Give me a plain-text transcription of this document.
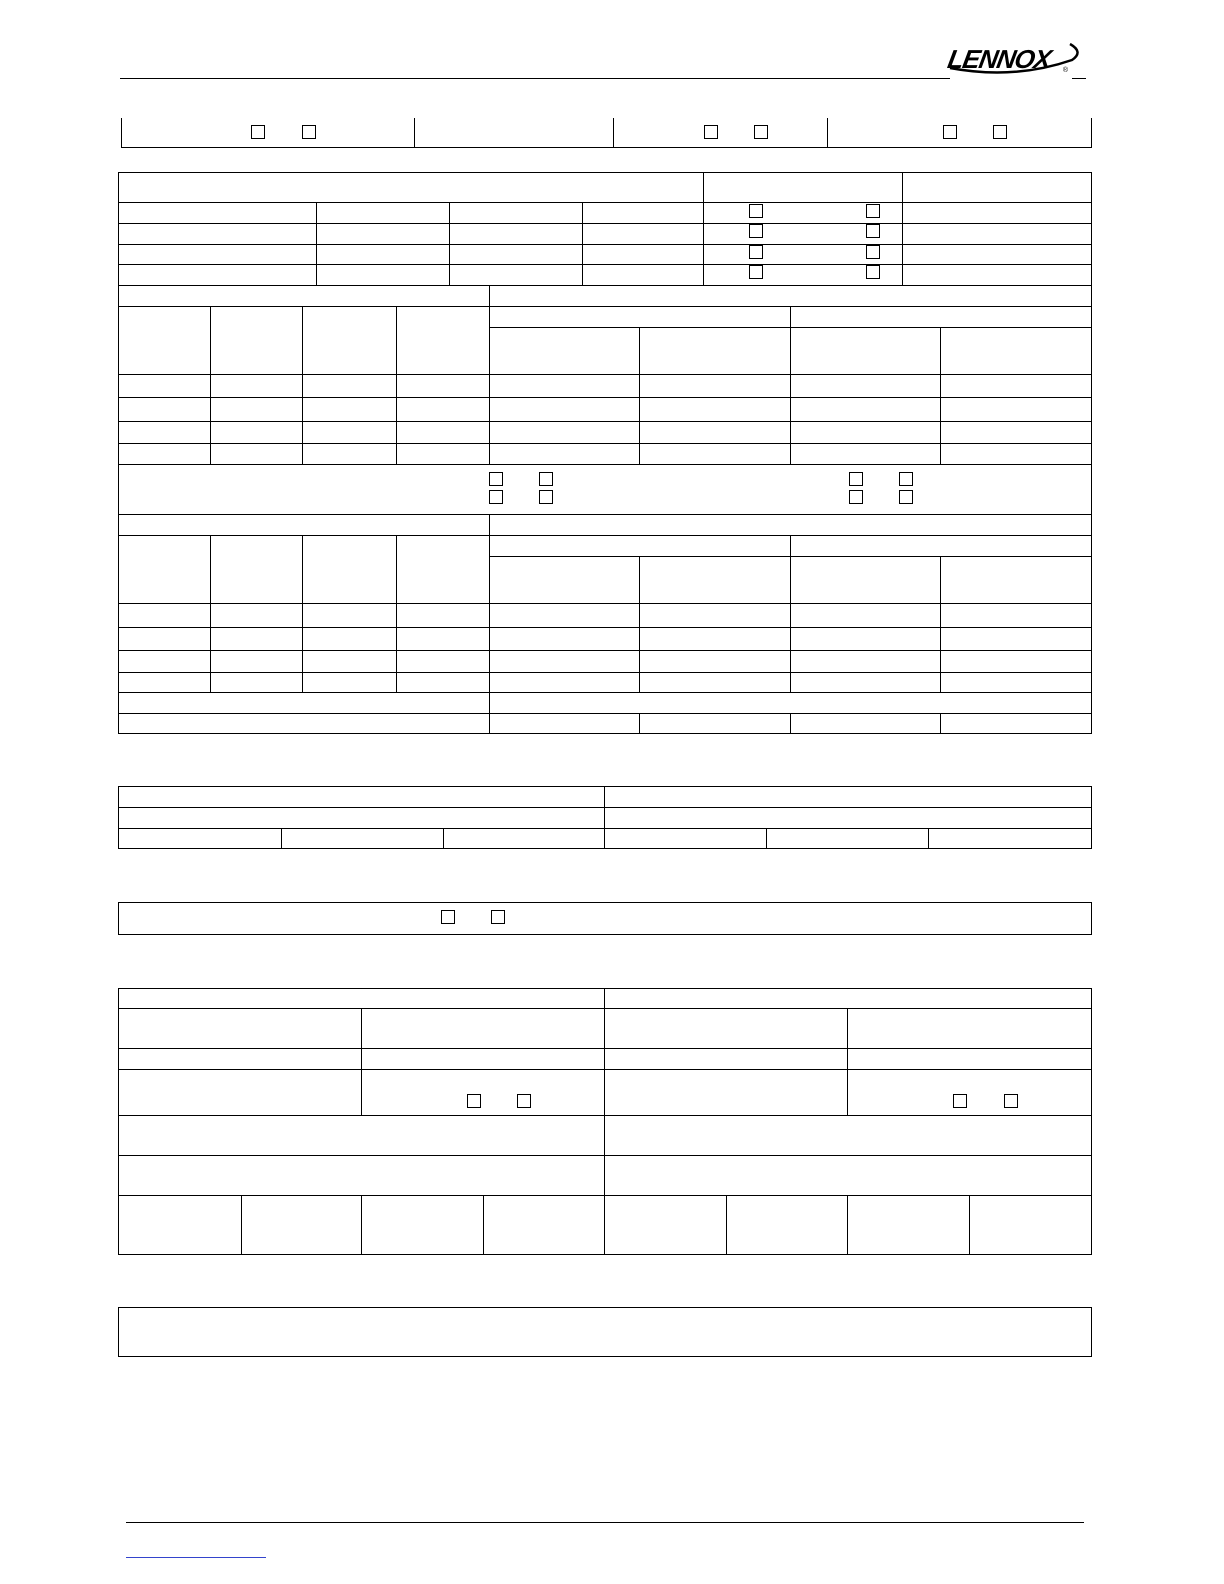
LENNOX ®
